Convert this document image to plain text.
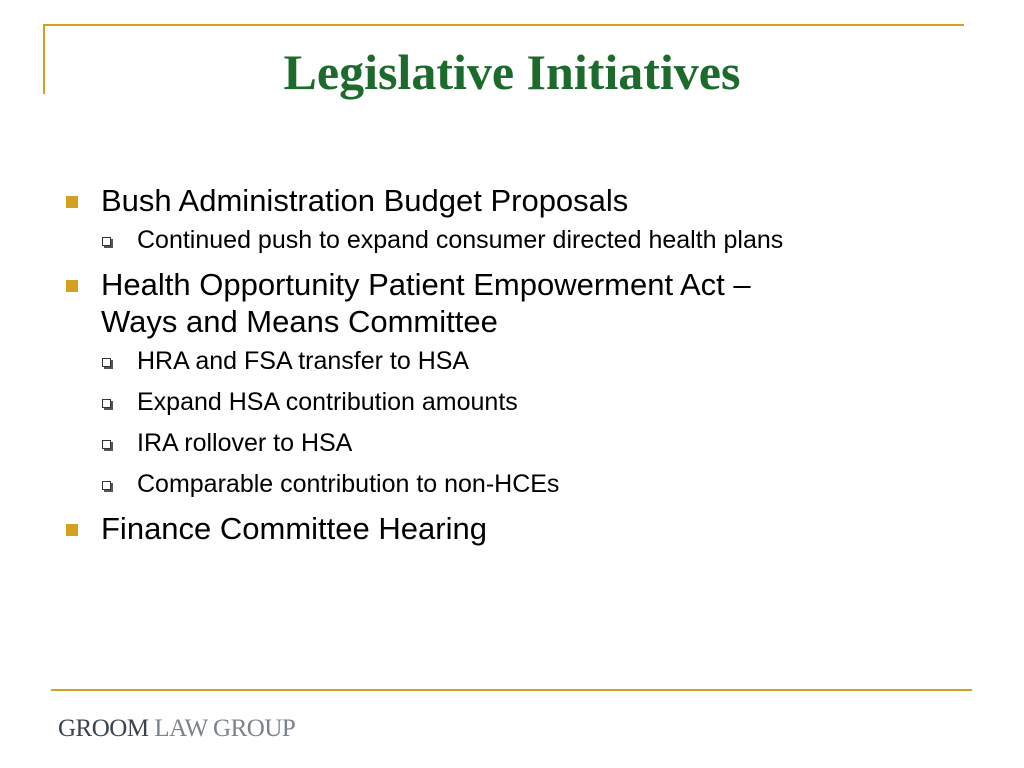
Legislative Initiatives
Bush Administration Budget Proposals
Continued push to expand consumer directed health plans
Health Opportunity Patient Empowerment Act –
Ways and Means Committee
HRA and FSA transfer to HSA
Expand HSA contribution amounts
IRA rollover to HSA
Comparable contribution to non-HCEs
Finance Committee Hearing
GROOM LAW GROUP
